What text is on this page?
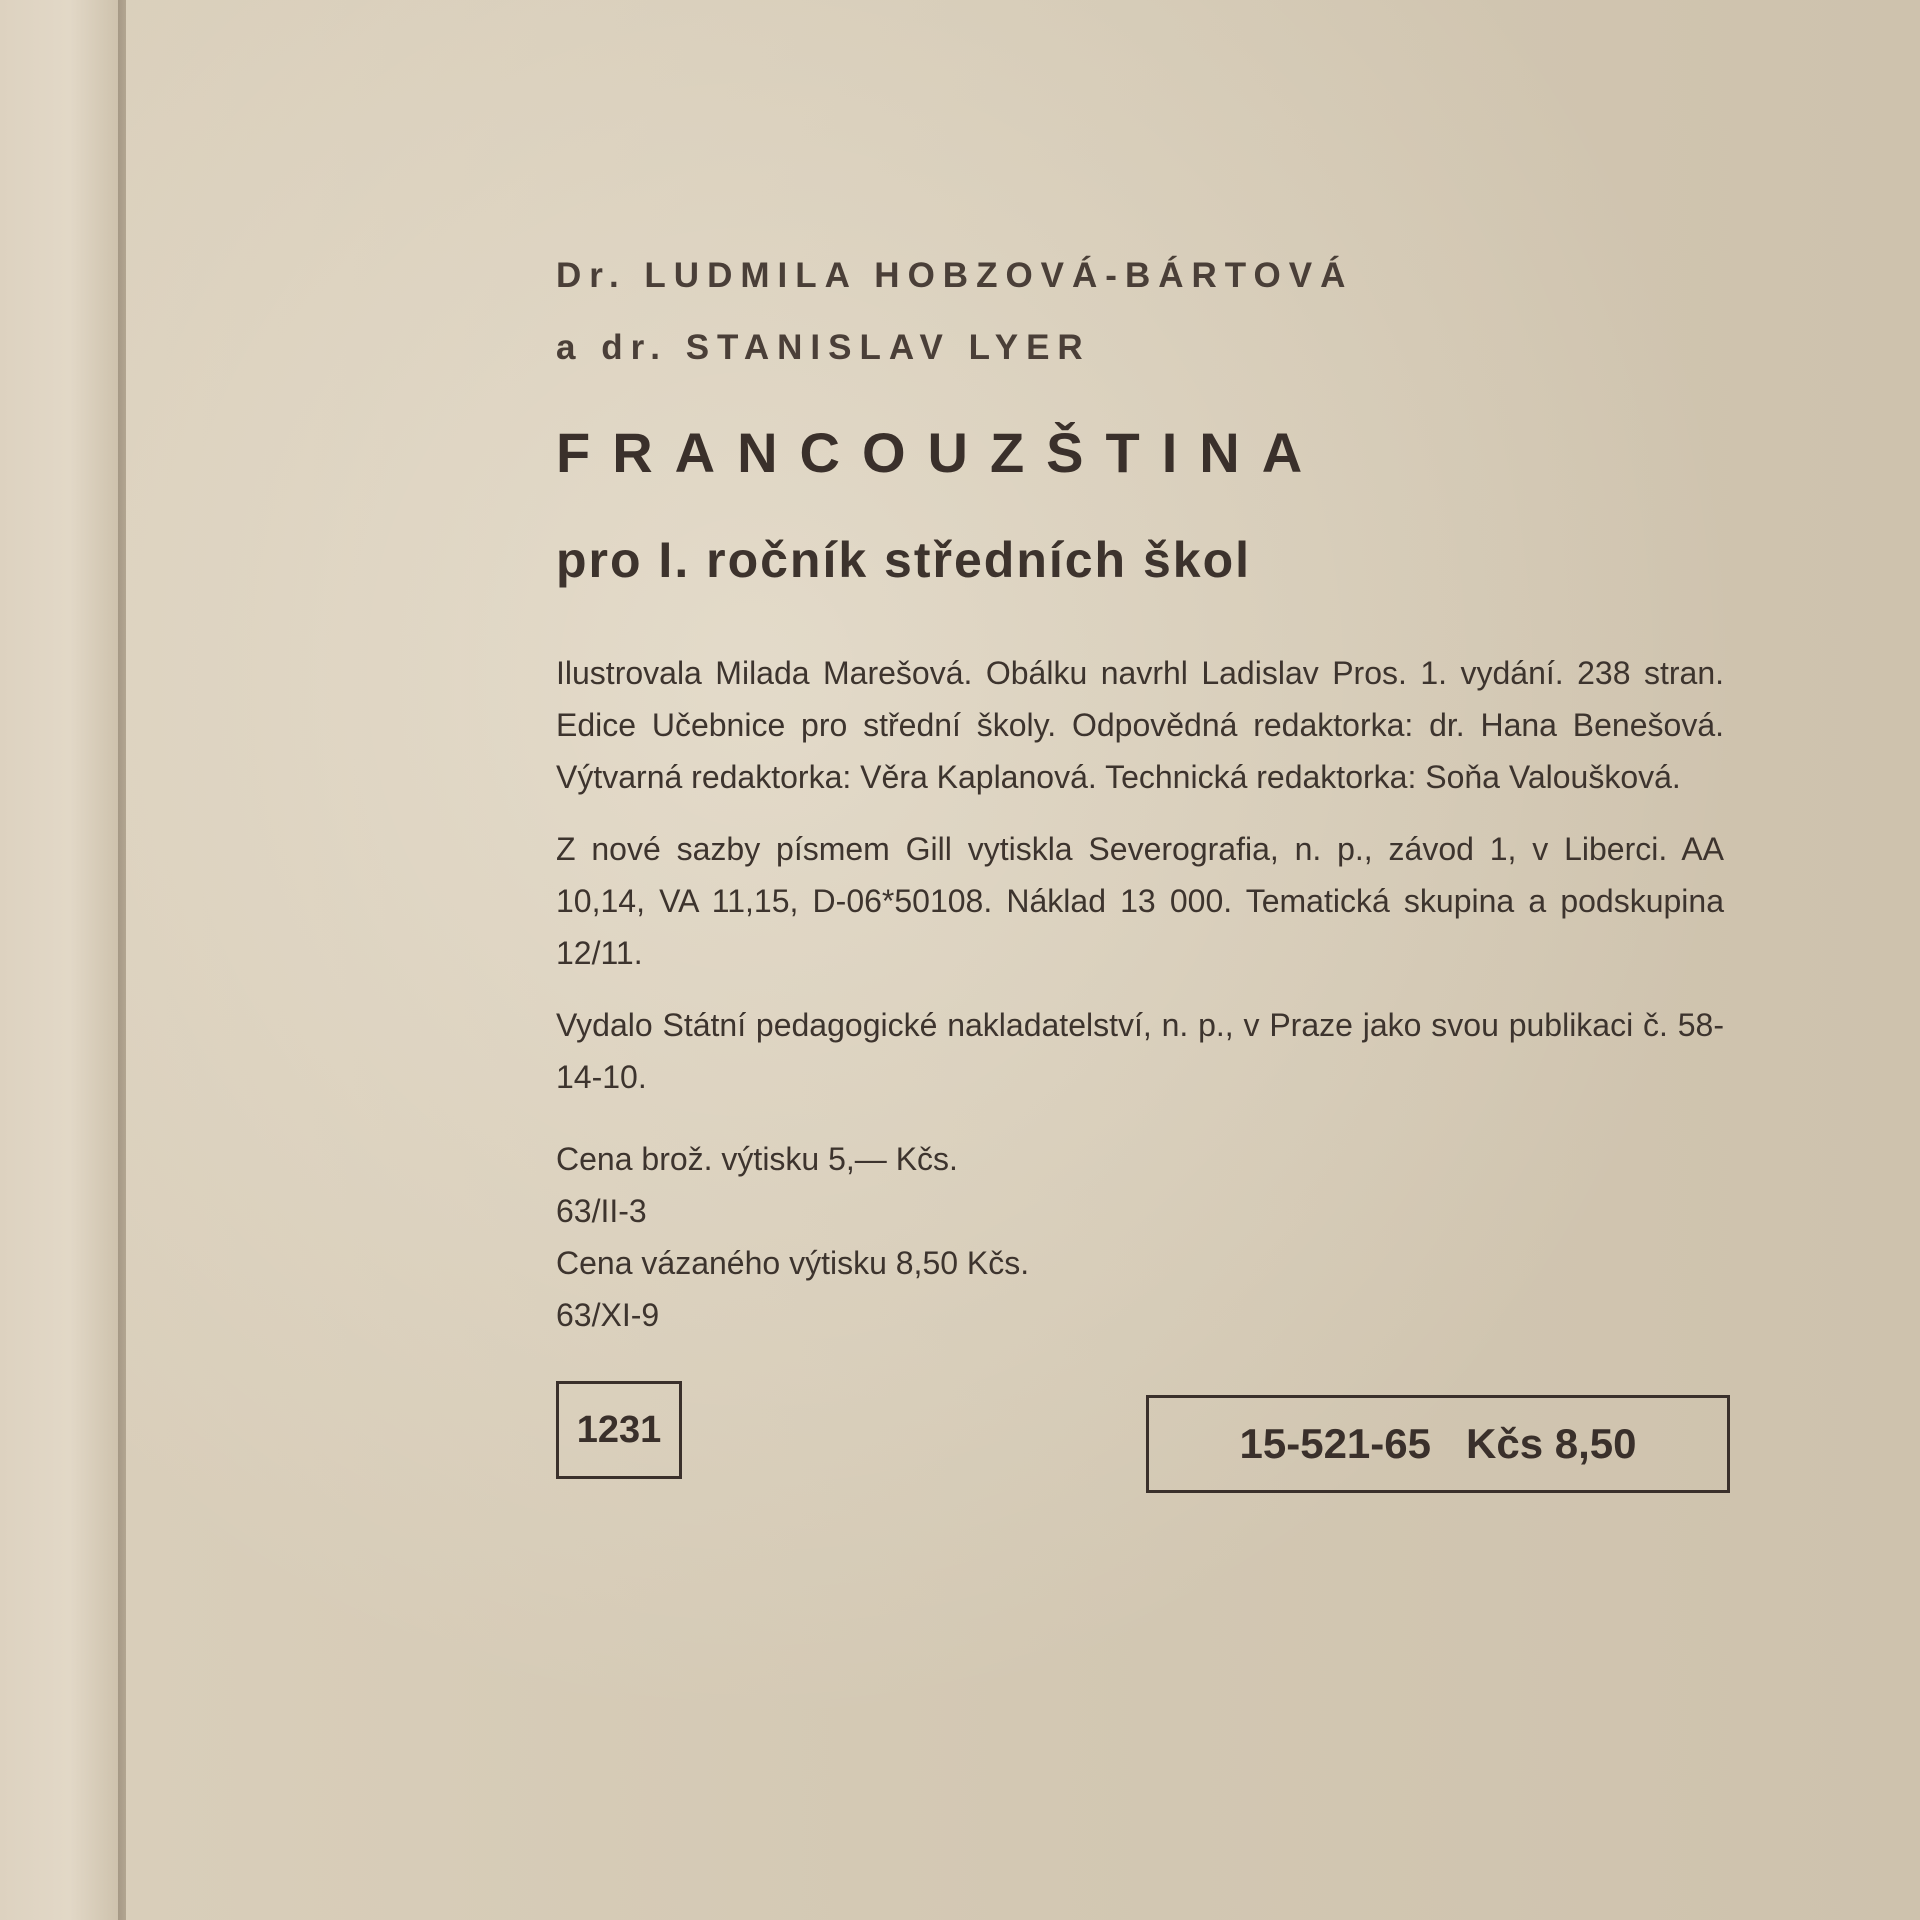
Dr. LUDMILA HOBZOVÁ-BÁRTOVÁ
a dr. STANISLAV LYER
FRANCOUZŠTINA
pro I. ročník středních škol
Ilustrovala Milada Marešová. Obálku navrhl Ladislav Pros. 1. vydání. 238 stran. Edice Učebnice pro střední školy. Odpovědná redaktorka: dr. Hana Benešová. Výtvarná redaktorka: Věra Kaplanová. Technická redaktorka: Soňa Valoušková.
Z nové sazby písmem Gill vytiskla Severografia, n. p., závod 1, v Liberci. AA 10,14, VA 11,15, D-06*50108. Náklad 13 000. Tematická skupina a podskupina 12/11.
Vydalo Státní pedagogické nakladatelství, n. p., v Praze jako svou publikaci č. 58-14-10.
Cena brož. výtisku 5,— Kčs.
63/II-3
Cena vázaného výtisku 8,50 Kčs.
63/XI-9
1231	15-521-65   Kčs 8,50
